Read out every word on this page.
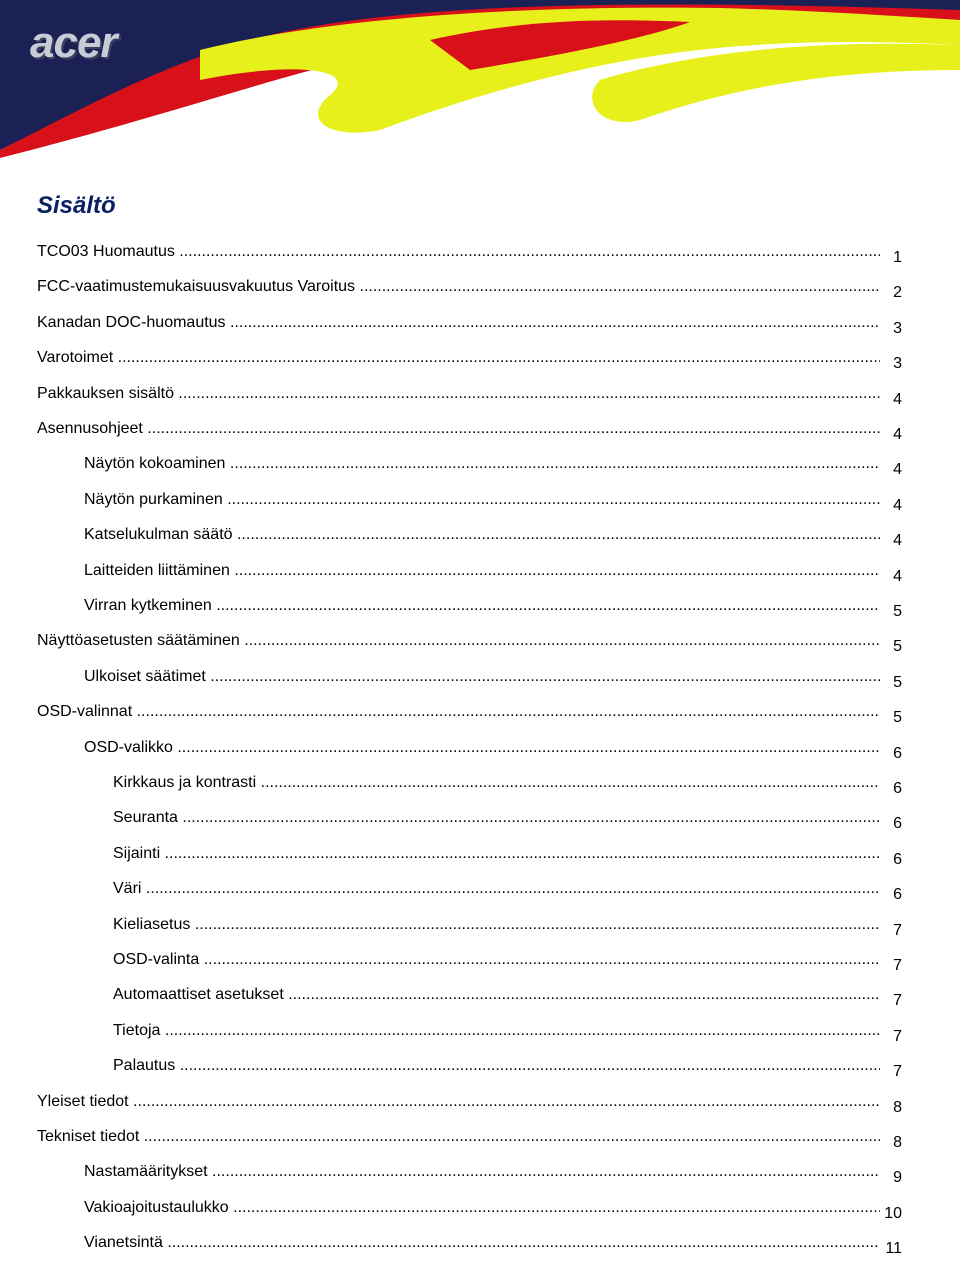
acer
Sisältö
TCO03 Huomautus .....	1
FCC-vaatimustemukaisuusvakuutus Varoitus .....	2
Kanadan DOC-huomautus .....	3
Varotoimet .....	3
Pakkauksen sisältö .....	4
Asennusohjeet .....	4
Näytön kokoaminen .....	4
Näytön purkaminen .....	4
Katselukulman säätö .....	4
Laitteiden liittäminen .....	4
Virran kytkeminen .....	5
Näyttöasetusten säätäminen .....	5
Ulkoiset säätimet .....	5
OSD-valinnat .....	5
OSD-valikko .....	6
Kirkkaus ja kontrasti .....	6
Seuranta .....	6
Sijainti .....	6
Väri .....	6
Kieliasetus .....	7
OSD-valinta .....	7
Automaattiset asetukset .....	7
Tietoja .....	7
Palautus .....	7
Yleiset tiedot .....	8
Tekniset tiedot .....	8
Nastamääritykset .....	9
Vakioajoitustaulukko .....	10
Vianetsintä .....	11
